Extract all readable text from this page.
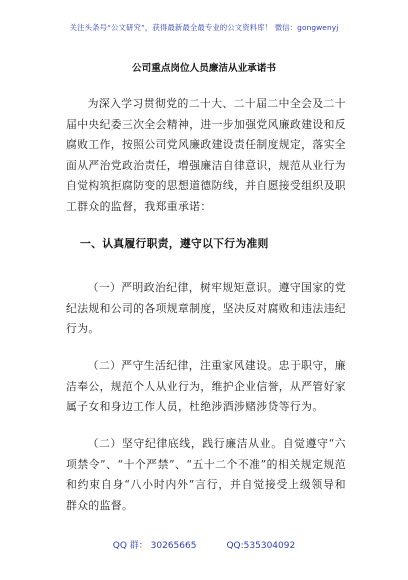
关注头条号“公文研究”，获得最新最全最专业的公文资料库！ 微信：gongwenyj
公司重点岗位人员廉洁从业承诺书
为深入学习贯彻党的二十大、二十届二中全会及二十届中央纪委三次全会精神，进一步加强党风廉政建设和反腐败工作，按照公司党风廉政建设责任制度规定，落实全面从严治党政治责任，增强廉洁自律意识，规范从业行为自觉构筑拒腐防变的思想道德防线，并自愿接受组织及职工群众的监督，我郑重承诺：
一、认真履行职责，遵守以下行为准则
（一）严明政治纪律，树牢规矩意识。遵守国家的党纪法规和公司的各项规章制度，坚决反对腐败和违法违纪行为。
（二）严守生活纪律，注重家风建设。忠于职守，廉洁奉公，规范个人从业行为，维护企业信誉，从严管好家属子女和身边工作人员，杜绝涉酒涉赌涉贷等行为。
（二）坚守纪律底线，践行廉洁从业。自觉遵守“六项禁令”、“十个严禁”、“五十二个不准”的相关规定规范和约束自身“八小时内外”言行，并自觉接受上级领导和群众的监督。
QQ 群： 30265665	QQ:535304092
